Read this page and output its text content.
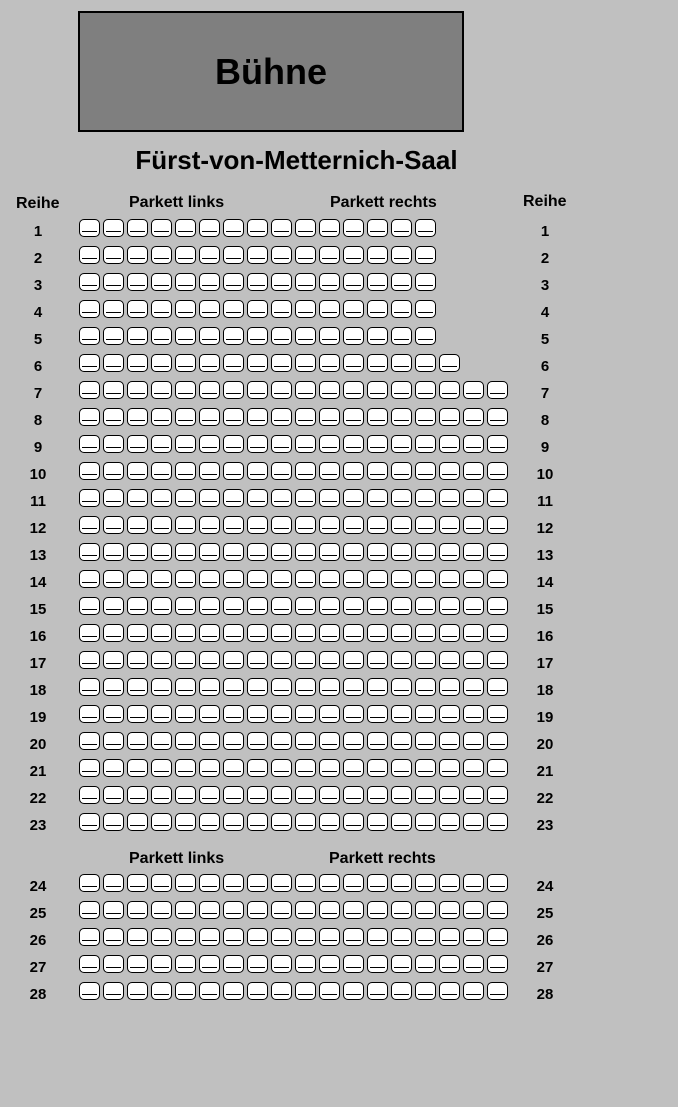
Bühne
Fürst-von-Metternich-Saal
Reihe	Reihe
Parkett links	Parkett rechts
Parkett links	Parkett rechts
1	1
2	2
3	3
4	4
5	5
6	6
7	7
8	8
9	9
10	10
11	11
12	12
13	13
14	14
15	15
16	16
17	17
18	18
19	19
20	20
21	21
22	22
23	23
24	24
25	25
26	26
27	27
28	28
